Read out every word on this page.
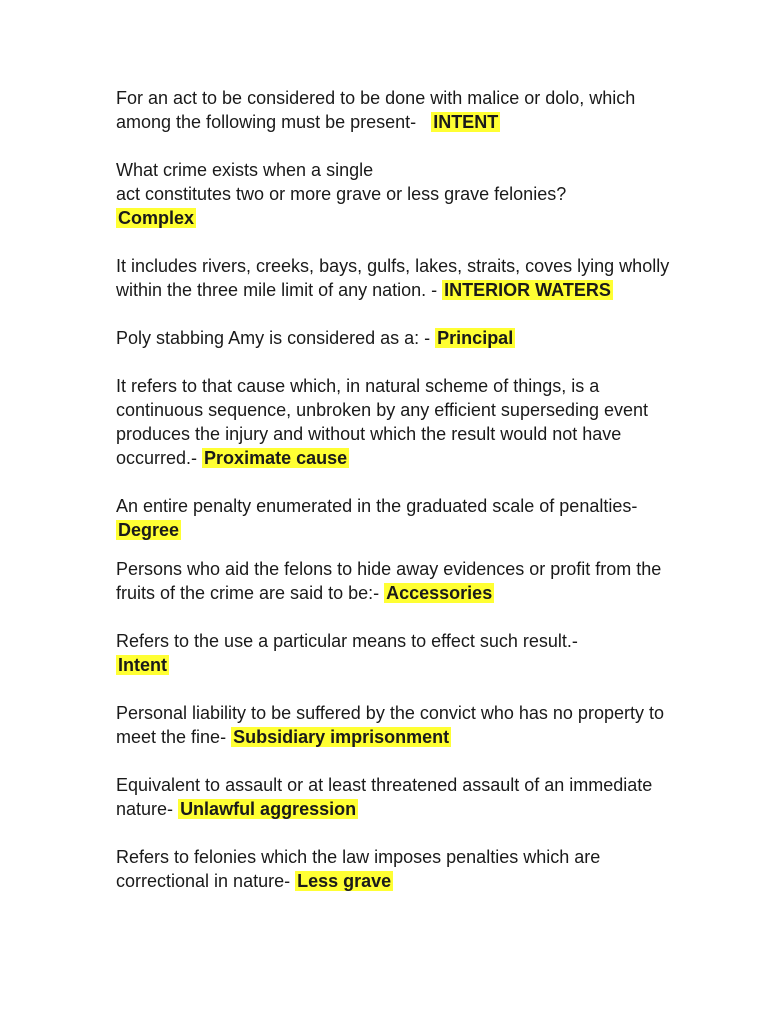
For an act to be considered to be done with malice or dolo, which among the following must be present- INTENT

What crime exists when a single
act constitutes two or more grave or less grave felonies?
Complex

It includes rivers, creeks, bays, gulfs, lakes, straits, coves lying wholly within the three mile limit of any nation. - INTERIOR WATERS

Poly stabbing Amy is considered as a: - Principal

It refers to that cause which, in natural scheme of things, is a continuous sequence, unbroken by any efficient superseding event produces the injury and without which the result would not have occurred.- Proximate cause

An entire penalty enumerated in the graduated scale of penalties- Degree

Persons who aid the felons to hide away evidences or profit from the fruits of the crime are said to be:- Accessories

Refers to the use a particular means to effect such result.-
Intent

Personal liability to be suffered by the convict who has no property to meet the fine- Subsidiary imprisonment

Equivalent to assault or at least threatened assault of an immediate nature- Unlawful aggression

Refers to felonies which the law imposes penalties which are correctional in nature- Less grave
